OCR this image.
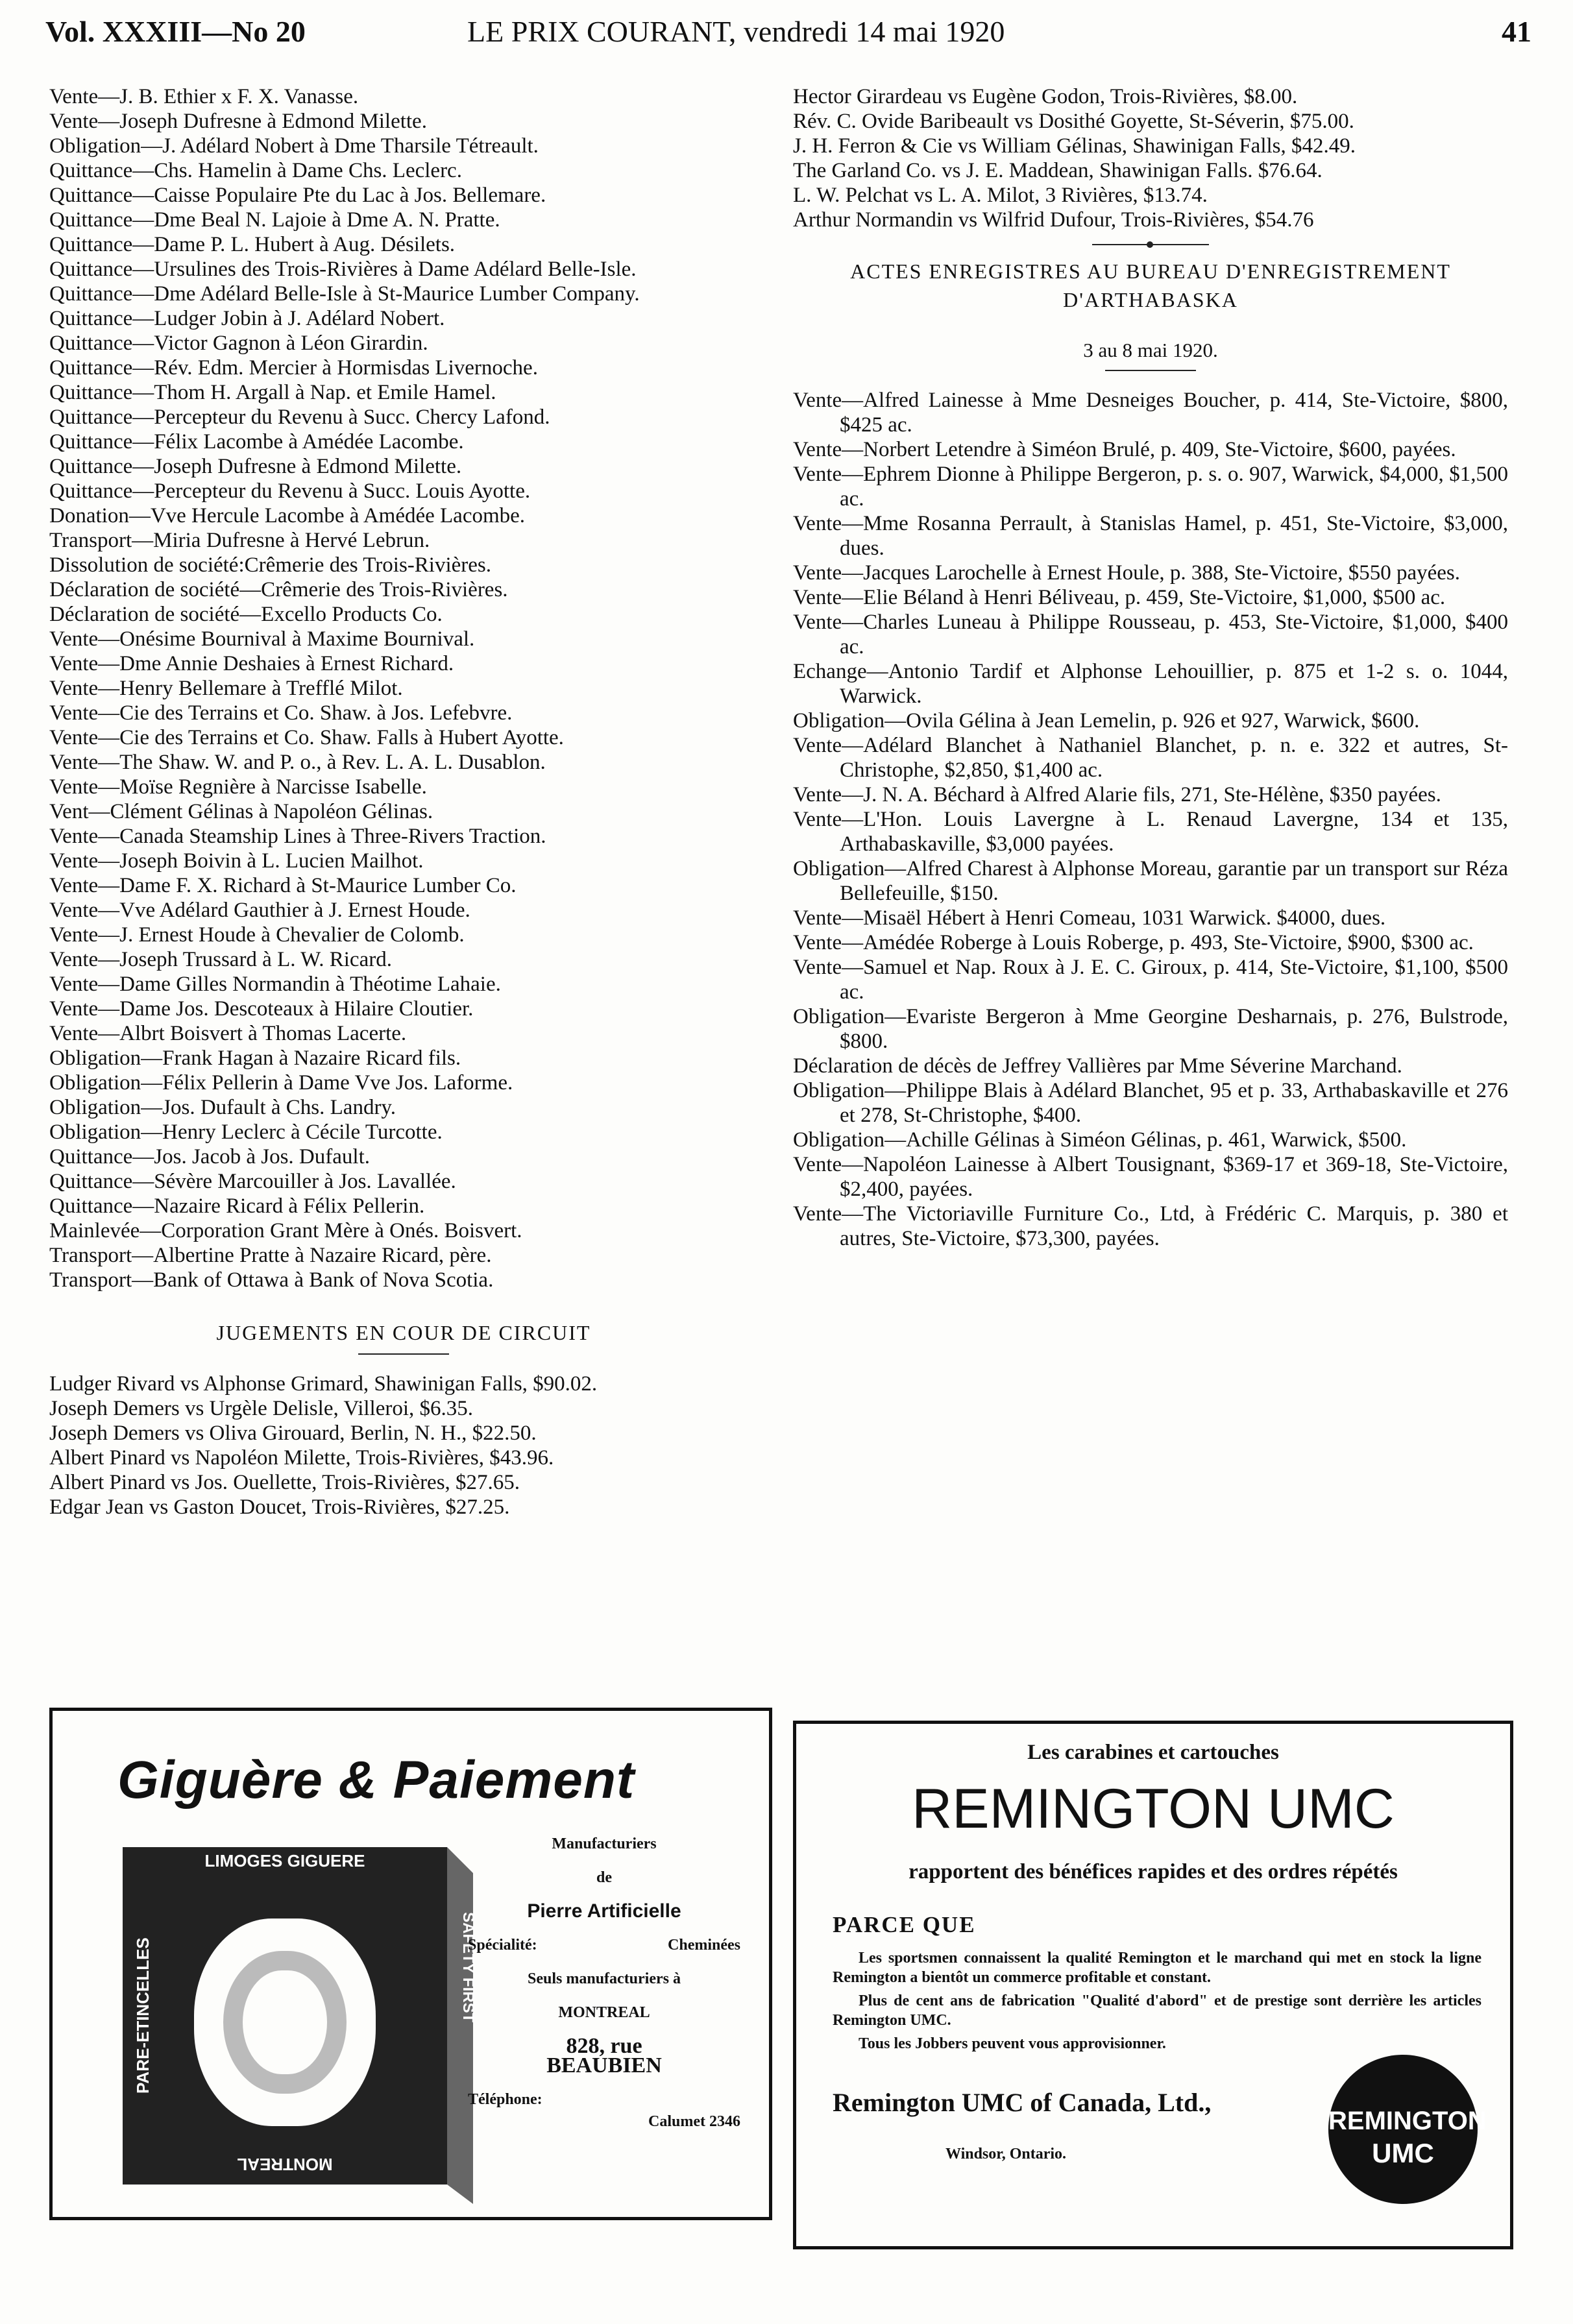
Vol. XXXIII—No 20	LE PRIX COURANT, vendredi 14 mai 1920	41

Vente—J. B. Ethier x F. X. Vanasse.

Vente—Joseph Dufresne à Edmond Milette.

Obligation—J. Adélard Nobert à Dme Tharsile Tétreault.

Quittance—Chs. Hamelin à Dame Chs. Leclerc.

Quittance—Caisse Populaire Pte du Lac à Jos. Bellemare.

Quittance—Dme Beal N. Lajoie à Dme A. N. Pratte.

Quittance—Dame P. L. Hubert à Aug. Désilets.

Quittance—Ursulines des Trois-Rivières à Dame Adélard Belle-Isle.

Quittance—Dme Adélard Belle-Isle à St-Maurice Lumber Company.

Quittance—Ludger Jobin à J. Adélard Nobert.

Quittance—Victor Gagnon à Léon Girardin.

Quittance—Rév. Edm. Mercier à Hormisdas Livernoche.

Quittance—Thom H. Argall à Nap. et Emile Hamel.

Quittance—Percepteur du Revenu à Succ. Chercy Lafond.

Quittance—Félix Lacombe à Amédée Lacombe.

Quittance—Joseph Dufresne à Edmond Milette.

Quittance—Percepteur du Revenu à Succ. Louis Ayotte.

Donation—Vve Hercule Lacombe à Amédée Lacombe.

Transport—Miria Dufresne à Hervé Lebrun.

Dissolution de société:Crêmerie des Trois-Rivières.

Déclaration de société—Crêmerie des Trois-Rivières.

Déclaration de société—Excello Products Co.

Vente—Onésime Bournival à Maxime Bournival.

Vente—Dme Annie Deshaies à Ernest Richard.

Vente—Henry Bellemare à Trefflé Milot.

Vente—Cie des Terrains et Co. Shaw. à Jos. Lefebvre.

Vente—Cie des Terrains et Co. Shaw. Falls à Hubert Ayotte.

Vente—The Shaw. W. and P. o., à Rev. L. A. L. Dusablon.

Vente—Moïse Regnière à Narcisse Isabelle.

Vent—Clément Gélinas à Napoléon Gélinas.

Vente—Canada Steamship Lines à Three-Rivers Traction.

Vente—Joseph Boivin à L. Lucien Mailhot.

Vente—Dame F. X. Richard à St-Maurice Lumber Co.

Vente—Vve Adélard Gauthier à J. Ernest Houde.

Vente—J. Ernest Houde à Chevalier de Colomb.

Vente—Joseph Trussard à L. W. Ricard.

Vente—Dame Gilles Normandin à Théotime Lahaie.

Vente—Dame Jos. Descoteaux à Hilaire Cloutier.

Vente—Albrt Boisvert à Thomas Lacerte.

Obligation—Frank Hagan à Nazaire Ricard fils.

Obligation—Félix Pellerin à Dame Vve Jos. Laforme.

Obligation—Jos. Dufault à Chs. Landry.

Obligation—Henry Leclerc à Cécile Turcotte.

Quittance—Jos. Jacob à Jos. Dufault.

Quittance—Sévère Marcouiller à Jos. Lavallée.

Quittance—Nazaire Ricard à Félix Pellerin.

Mainlevée—Corporation Grant Mère à Onés. Boisvert.

Transport—Albertine Pratte à Nazaire Ricard, père.

Transport—Bank of Ottawa à Bank of Nova Scotia.

JUGEMENTS EN COUR DE CIRCUIT

Ludger Rivard vs Alphonse Grimard, Shawinigan Falls, $90.02.

Joseph Demers vs Urgèle Delisle, Villeroi, $6.35.

Joseph Demers vs Oliva Girouard, Berlin, N. H., $22.50.

Albert Pinard vs Napoléon Milette, Trois-Rivières, $43.96.

Albert Pinard vs Jos. Ouellette, Trois-Rivières, $27.65.

Edgar Jean vs Gaston Doucet, Trois-Rivières, $27.25.

Hector Girardeau vs Eugène Godon, Trois-Rivières, $8.00.

Rév. C. Ovide Baribeault vs Dosithé Goyette, St-Séverin, $75.00.

J. H. Ferron & Cie vs William Gélinas, Shawinigan Falls, $42.49.

The Garland Co. vs J. E. Maddean, Shawinigan Falls. $76.64.

L. W. Pelchat vs L. A. Milot, 3 Rivières, $13.74.

Arthur Normandin vs Wilfrid Dufour, Trois-Rivières, $54.76

ACTES ENREGISTRES AU BUREAU D'ENREGISTREMENT

D'ARTHABASKA

3 au 8 mai 1920.

Vente—Alfred Lainesse à Mme Desneiges Boucher, p. 414, Ste-Victoire, $800, $425 ac.

Vente—Norbert Letendre à Siméon Brulé, p. 409, Ste-Victoire, $600, payées.

Vente—Ephrem Dionne à Philippe Bergeron, p. s. o. 907, Warwick, $4,000, $1,500 ac.

Vente—Mme Rosanna Perrault, à Stanislas Hamel, p. 451, Ste-Victoire, $3,000, dues.

Vente—Jacques Larochelle à Ernest Houle, p. 388, Ste-Victoire, $550 payées.

Vente—Elie Béland à Henri Béliveau, p. 459, Ste-Victoire, $1,000, $500 ac.

Vente—Charles Luneau à Philippe Rousseau, p. 453, Ste-Victoire, $1,000, $400 ac.

Echange—Antonio Tardif et Alphonse Lehouillier, p. 875 et 1-2 s. o. 1044, Warwick.

Obligation—Ovila Gélina à Jean Lemelin, p. 926 et 927, Warwick, $600.

Vente—Adélard Blanchet à Nathaniel Blanchet, p. n. e. 322 et autres, St-Christophe, $2,850, $1,400 ac.

Vente—J. N. A. Béchard à Alfred Alarie fils, 271, Ste-Hélène, $350 payées.

Vente—L'Hon. Louis Lavergne à L. Renaud Lavergne, 134 et 135, Arthabaskaville, $3,000 payées.

Obligation—Alfred Charest à Alphonse Moreau, garantie par un transport sur Réza Bellefeuille, $150.

Vente—Misaël Hébert à Henri Comeau, 1031 Warwick. $4000, dues.

Vente—Amédée Roberge à Louis Roberge, p. 493, Ste-Victoire, $900, $300 ac.

Vente—Samuel et Nap. Roux à J. E. C. Giroux, p. 414, Ste-Victoire, $1,100, $500 ac.

Obligation—Evariste Bergeron à Mme Georgine Desharnais, p. 276, Bulstrode, $800.

Déclaration de décès de Jeffrey Vallières par Mme Séverine Marchand.

Obligation—Philippe Blais à Adélard Blanchet, 95 et p. 33, Arthabaskaville et 276 et 278, St-Christophe, $400.

Obligation—Achille Gélinas à Siméon Gélinas, p. 461, Warwick, $500.

Vente—Napoléon Lainesse à Albert Tousignant, $369-17 et 369-18, Ste-Victoire, $2,400, payées.

Vente—The Victoriaville Furniture Co., Ltd, à Frédéric C. Marquis, p. 380 et autres, Ste-Victoire, $73,300, payées.

Giguère & Paiement
LIMOGES GIGUERE
PARE-ETINCELLES	SAFETY FIRST
MONTREAL
Manufacturiers
de
Pierre Artificielle
Spécialité:	Cheminées
Seuls manufacturiers à
MONTREAL
828, rue
BEAUBIEN
Téléphone:
Calumet 2346
Les carabines et cartouches
REMINGTON UMC
rapportent des bénéfices rapides et des ordres répétés
PARCE QUE

Les sportsmen connaissent la qualité Remington et le marchand qui met en stock la ligne Remington a bientôt un commerce profitable et constant.

Plus de cent ans de fabrication "Qualité d'abord" et de prestige sont derrière les articles Remington UMC.

Tous les Jobbers peuvent vous approvisionner.

Remington UMC of Canada, Ltd.,
Windsor, Ontario.
REMINGTON
UMC
